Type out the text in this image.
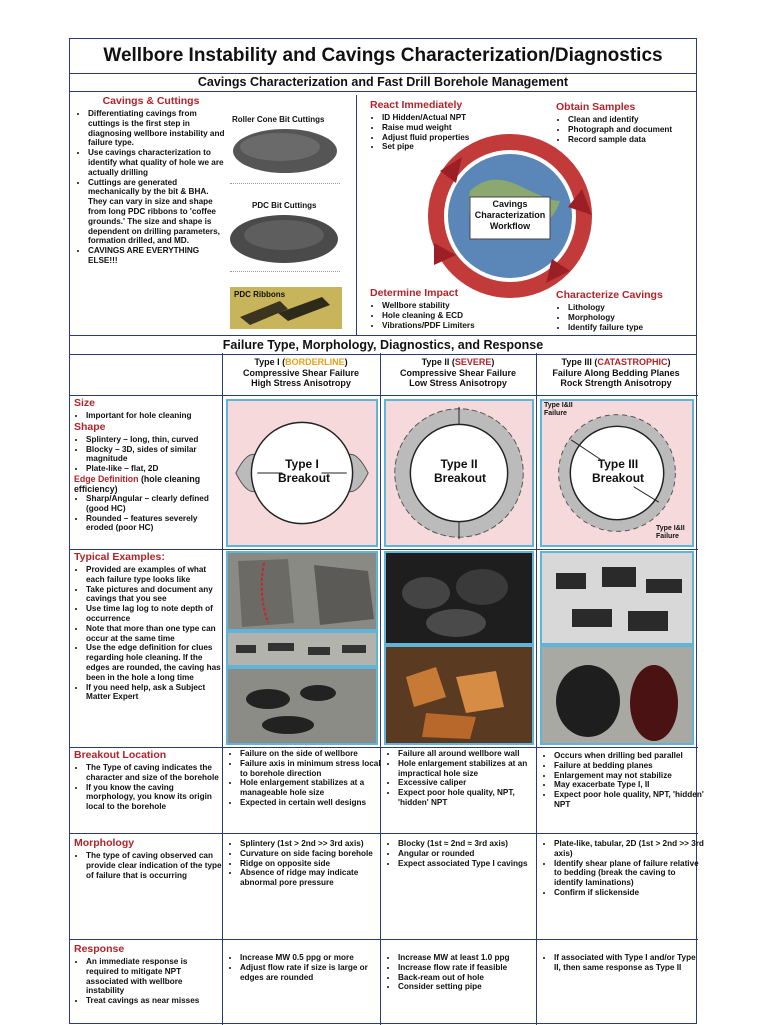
Wellbore Instability and Cavings Characterization/Diagnostics
Cavings Characterization and Fast Drill Borehole Management
Cavings & Cuttings
• Differentiating cavings from cuttings is the first step in diagnosing wellbore instability and failure type.
• Use cavings characterization to identify what quality of hole we are actually drilling
• Cuttings are generated mechanically by the bit & BHA. They can vary in size and shape from long PDC ribbons to 'coffee grounds.' The size and shape is dependent on drilling parameters, formation drilled, and MD.
• CAVINGS ARE EVERYTHING ELSE!!!
Roller Cone Bit Cuttings
PDC Bit Cuttings
PDC Ribbons
React Immediately
• ID Hidden/Actual NPT
• Raise mud weight
• Adjust fluid properties
• Set pipe
Obtain Samples
• Clean and identify
• Photograph and document
• Record sample data
Cavings Characterization Workflow
Determine Impact
• Wellbore stability
• Hole cleaning & ECD
• Vibrations/PDF Limiters
Characterize Cavings
• Lithology
• Morphology
• Identify failure type
Failure Type, Morphology, Diagnostics, and Response
Type I (BORDERLINE)
Compressive Shear Failure
High Stress Anisotropy
Type II (SEVERE)
Compressive Shear Failure
Low Stress Anisotropy
Type III (CATASTROPHIC)
Failure Along Bedding Planes
Rock Strength Anisotropy
Size
• Important for hole cleaning
Shape
• Splintery – long, thin, curved
• Blocky – 3D, sides of similar magnitude
• Plate-like – flat, 2D
Edge Definition (hole cleaning efficiency)
• Sharp/Angular – clearly defined (good HC)
• Rounded – features severely eroded (poor HC)
Type I Breakout
Type II Breakout
Type I&II Failure
Type I&II Failure
Type III Breakout
Typical Examples:
• Provided are examples of what each failure type looks like
• Take pictures and document any cavings that you see
• Use time lag log to note depth of occurrence
• Note that more than one type can occur at the same time
• Use the edge definition for clues regarding hole cleaning. If the edges are rounded, the caving has been in the hole a long time
• If you need help, ask a Subject Matter Expert
Breakout Location
• The Type of caving indicates the character and size of the borehole
• If you know the caving morphology, you know its origin local to the borehole
• Failure on the side of wellbore
• Failure axis in minimum stress local to borehole direction
• Hole enlargement stabilizes at a manageable hole size
• Expected in certain well designs
• Failure all around wellbore wall
• Hole enlargement stabilizes at an impractical hole size
• Excessive caliper
• Expect poor hole quality, NPT, 'hidden' NPT
• Occurs when drilling bed parallel
• Failure at bedding planes
• Enlargement may not stabilize
• May exacerbate Type I, II
• Expect poor hole quality, NPT, 'hidden' NPT
Morphology
• The type of caving observed can provide clear indication of the type of failure that is occurring
• Splintery (1st > 2nd >> 3rd axis)
• Curvature on side facing borehole
• Ridge on opposite side
• Absence of ridge may indicate abnormal pore pressure
• Blocky (1st ≈ 2nd ≈ 3rd axis)
• Angular or rounded
• Expect associated Type I cavings
• Plate-like, tabular, 2D (1st > 2nd >> 3rd axis)
• Identify shear plane of failure relative to bedding (break the caving to identify laminations)
• Confirm if slickenside
Response
• An immediate response is required to mitigate NPT associated with wellbore instability
• Treat cavings as near misses
• Increase MW 0.5 ppg or more
• Adjust flow rate if size is large or edges are rounded
• Increase MW at least 1.0 ppg
• Increase flow rate if feasible
• Back-ream out of hole
• Consider setting pipe
• If associated with Type I and/or Type II, then same response as Type II
